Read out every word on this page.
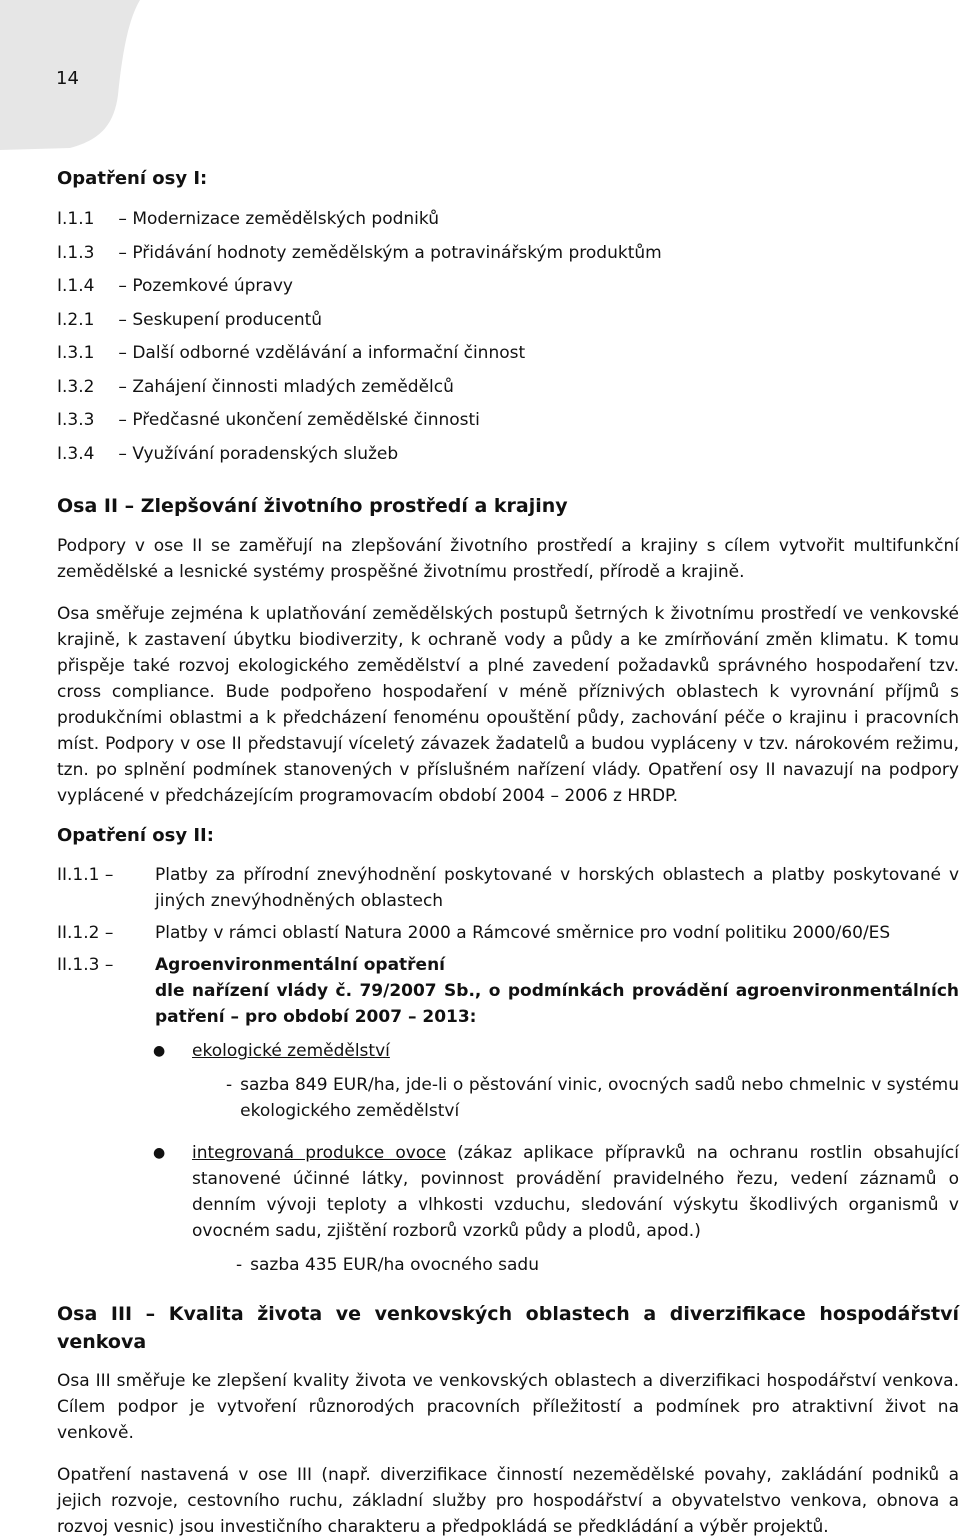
14
Opatření osy I:
I.1.1 – Modernizace zemědělských podniků
I.1.3 – Přidávání hodnoty zemědělským a potravinářským produktům
I.1.4 – Pozemkové úpravy
I.2.1 – Seskupení producentů
I.3.1 – Další odborné vzdělávání a informační činnost
I.3.2 – Zahájení činnosti mladých zemědělců
I.3.3 – Předčasné ukončení zemědělské činnosti
I.3.4 – Využívání poradenských služeb
Osa II – Zlepšování životního prostředí a krajiny

Podpory v ose II se zaměřují na zlepšování životního prostředí a krajiny s cílem vytvořit multifunkční zemědělské a lesnické systémy prospěšné životnímu prostředí, přírodě a krajině.

Osa směřuje zejména k uplatňování zemědělských postupů šetrných k životnímu prostředí ve venkovské krajině, k zastavení úbytku biodiverzity, k ochraně vody a půdy a ke zmírňování změn klimatu. K tomu přispěje také rozvoj ekologického zemědělství a plné zavedení požadavků správného hospodaření tzv. cross compliance. Bude podpořeno hospodaření v méně příznivých oblastech k vyrovnání příjmů s produkčními oblastmi a k předcházení fenoménu opouštění půdy, zachování péče o krajinu i pracovních míst. Podpory v ose II představují víceletý závazek žadatelů a budou vypláceny v tzv. nárokovém režimu, tzn. po splnění podmínek stanovených v příslušném nařízení vlády. Opatření osy II navazují na podpory vyplácené v předcházejícím programovacím období 2004 – 2006 z HRDP.

Opatření osy II:
II.1.1 –	Platby za přírodní znevýhodnění poskytované v horských oblastech a platby poskytované v jiných znevýhodněných oblastech
II.1.2 –	Platby v rámci oblastí Natura 2000 a Rámcové směrnice pro vodní politiku 2000/60/ES
II.1.3 –	Agroenvironmentální opatření
dle nařízení vlády č. 79/2007 Sb., o podmínkách provádění agroenvironmentálních patření – pro období 2007 – 2013:
●	ekologické zemědělství
- sazba 849 EUR/ha, jde-li o pěstování vinic, ovocných sadů nebo chmelnic v systému ekologického zemědělství
●	integrovaná produkce ovoce (zákaz aplikace přípravků na ochranu rostlin obsahující stanovené účinné látky, povinnost provádění pravidelného řezu, vedení záznamů o denním vývoji teploty a vlhkosti vzduchu, sledování výskytu škodlivých organismů v ovocném sadu, zjištění rozborů vzorků půdy a plodů, apod.)
- sazba 435 EUR/ha ovocného sadu
Osa III – Kvalita života ve venkovských oblastech a diverzifikace hospodářství venkova

Osa III směřuje ke zlepšení kvality života ve venkovských oblastech a diverzifikaci hospodářství venkova. Cílem podpor je vytvoření různorodých pracovních příležitostí a podmínek pro atraktivní život na venkově.

Opatření nastavená v ose III (např. diverzifikace činností nezemědělské povahy, zakládání podniků a jejich rozvoje, cestovního ruchu, základní služby pro hospodářství a obyvatelstvo venkova, obnova a rozvoj vesnic) jsou investičního charakteru a předpokládá se předkládání a výběr projektů.
